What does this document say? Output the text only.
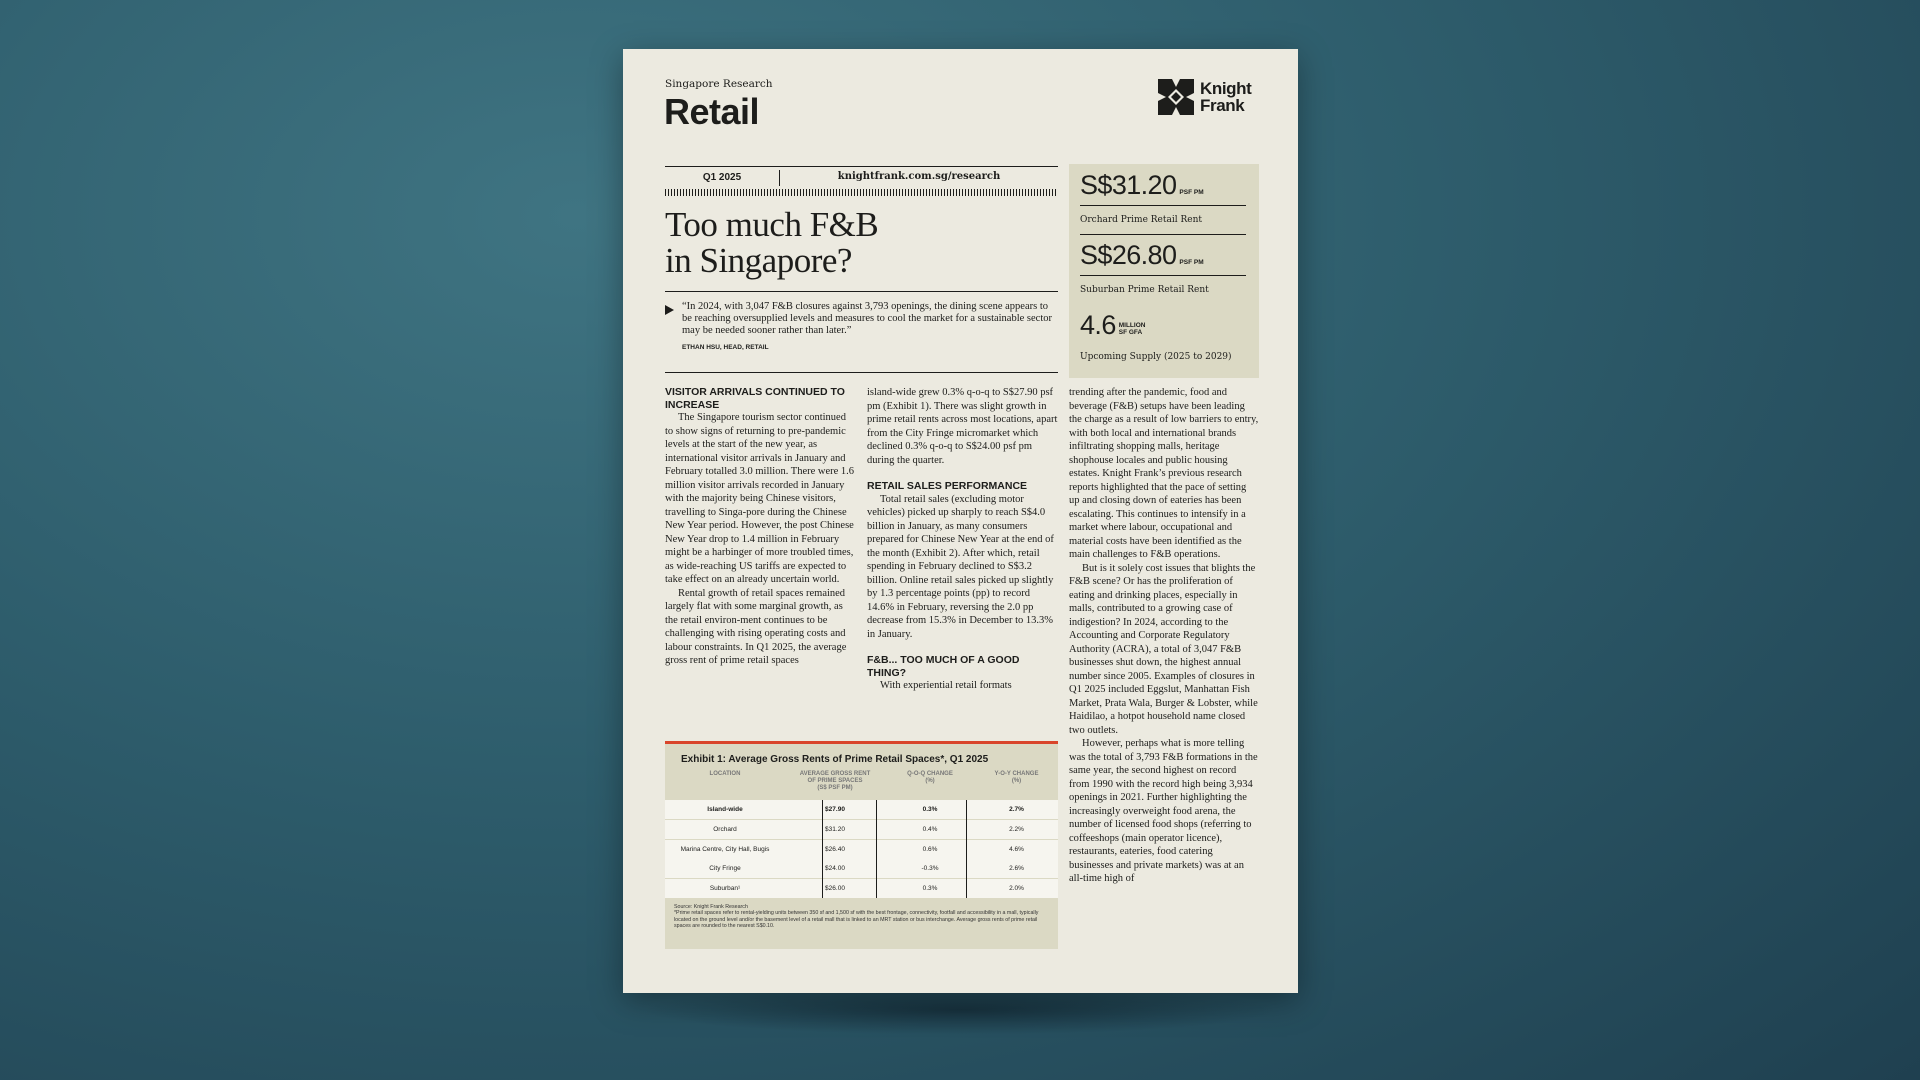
Singapore Research
Retail
Knight
Frank
Q1 2025	knightfrank.com.sg/research
Too much F&B
in Singapore?
“In 2024, with 3,047 F&B closures against 3,793 openings, the dining scene appears to be reaching oversupplied levels and measures to cool the market for a sustainable sector may be needed sooner rather than later.”
ETHAN HSU, HEAD, RETAIL
S$31.20 PSF PM
Orchard Prime Retail Rent
S$26.80 PSF PM
Suburban Prime Retail Rent
4.6 MILLION
SF GFA
Upcoming Supply (2025 to 2029)
VISITOR ARRIVALS CONTINUED TO INCREASE

The Singapore tourism sector continued to show signs of returning to pre-pandemic levels at the start of the new year, as international visitor arrivals in January and February totalled 3.0 million. There were 1.6 million visitor arrivals recorded in January with the majority being Chinese visitors, travelling to Singa-pore during the Chinese New Year period. However, the post Chinese New Year drop to 1.4 million in February might be a harbinger of more troubled times, as wide-reaching US tariffs are expected to take effect on an already uncertain world.

Rental growth of retail spaces remained largely flat with some marginal growth, as the retail environ-ment continues to be challenging with rising operating costs and labour constraints. In Q1 2025, the average gross rent of prime retail spaces

island-wide grew 0.3% q-o-q to S$27.90 psf pm (Exhibit 1). There was slight growth in prime retail rents across most locations, apart from the City Fringe micromarket which declined 0.3% q-o-q to S$24.00 psf pm during the quarter.

RETAIL SALES PERFORMANCE

Total retail sales (excluding motor vehicles) picked up sharply to reach S$4.0 billion in January, as many consumers prepared for Chinese New Year at the end of the month (Exhibit 2). After which, retail spending in February declined to S$3.2 billion. Online retail sales picked up slightly by 1.3 percentage points (pp) to record 14.6% in February, reversing the 2.0 pp decrease from 15.3% in December to 13.3% in January.

F&B... TOO MUCH OF A GOOD THING?

With experiential retail formats

trending after the pandemic, food and beverage (F&B) setups have been leading the charge as a result of low barriers to entry, with both local and international brands infiltrating shopping malls, heritage shophouse locales and public housing estates. Knight Frank’s previous research reports highlighted that the pace of setting up and closing down of eateries has been escalating. This continues to intensify in a market where labour, occupational and material costs have been identified as the main challenges to F&B operations.

But is it solely cost issues that blights the F&B scene? Or has the proliferation of eating and drinking places, especially in malls, contributed to a growing case of indigestion? In 2024, according to the Accounting and Corporate Regulatory Authority (ACRA), a total of 3,047 F&B businesses shut down, the highest annual number since 2005. Examples of closures in Q1 2025 included Eggslut, Manhattan Fish Market, Prata Wala, Burger & Lobster, while Haidilao, a hotpot household name closed two outlets.

However, perhaps what is more telling was the total of 3,793 F&B formations in the same year, the second highest on record from 1990 with the record high being 3,934 openings in 2021. Further highlighting the increasingly overweight food arena, the number of licensed food shops (referring to coffeeshops (main operator licence), restaurants, eateries, food catering businesses and private markets) was at an all-time high of

Exhibit 1: Average Gross Rents of Prime Retail Spaces*, Q1 2025
LOCATION	AVERAGE GROSS RENT
OF PRIME SPACES
(S$ PSF PM)
Q-O-Q CHANGE
(%)
Y-O-Y CHANGE
(%)
Island-wide	$27.90	0.3%	2.7%
Orchard	$31.20	0.4%	2.2%
Marina Centre, City Hall, Bugis	$26.40	0.6%	4.6%
City Fringe	$24.00	-0.3%	2.6%
Suburban¹	$26.00	0.3%	2.0%
Source: Knight Frank Research
*Prime retail spaces refer to rental-yielding units between 350 sf and 1,500 sf with the best frontage, connectivity, footfall and accessibility in a mall, typically located on the ground level and/or the basement level of a retail mall that is linked to an MRT station or bus interchange. Average gross rents of prime retail spaces are rounded to the nearest S$0.10.
